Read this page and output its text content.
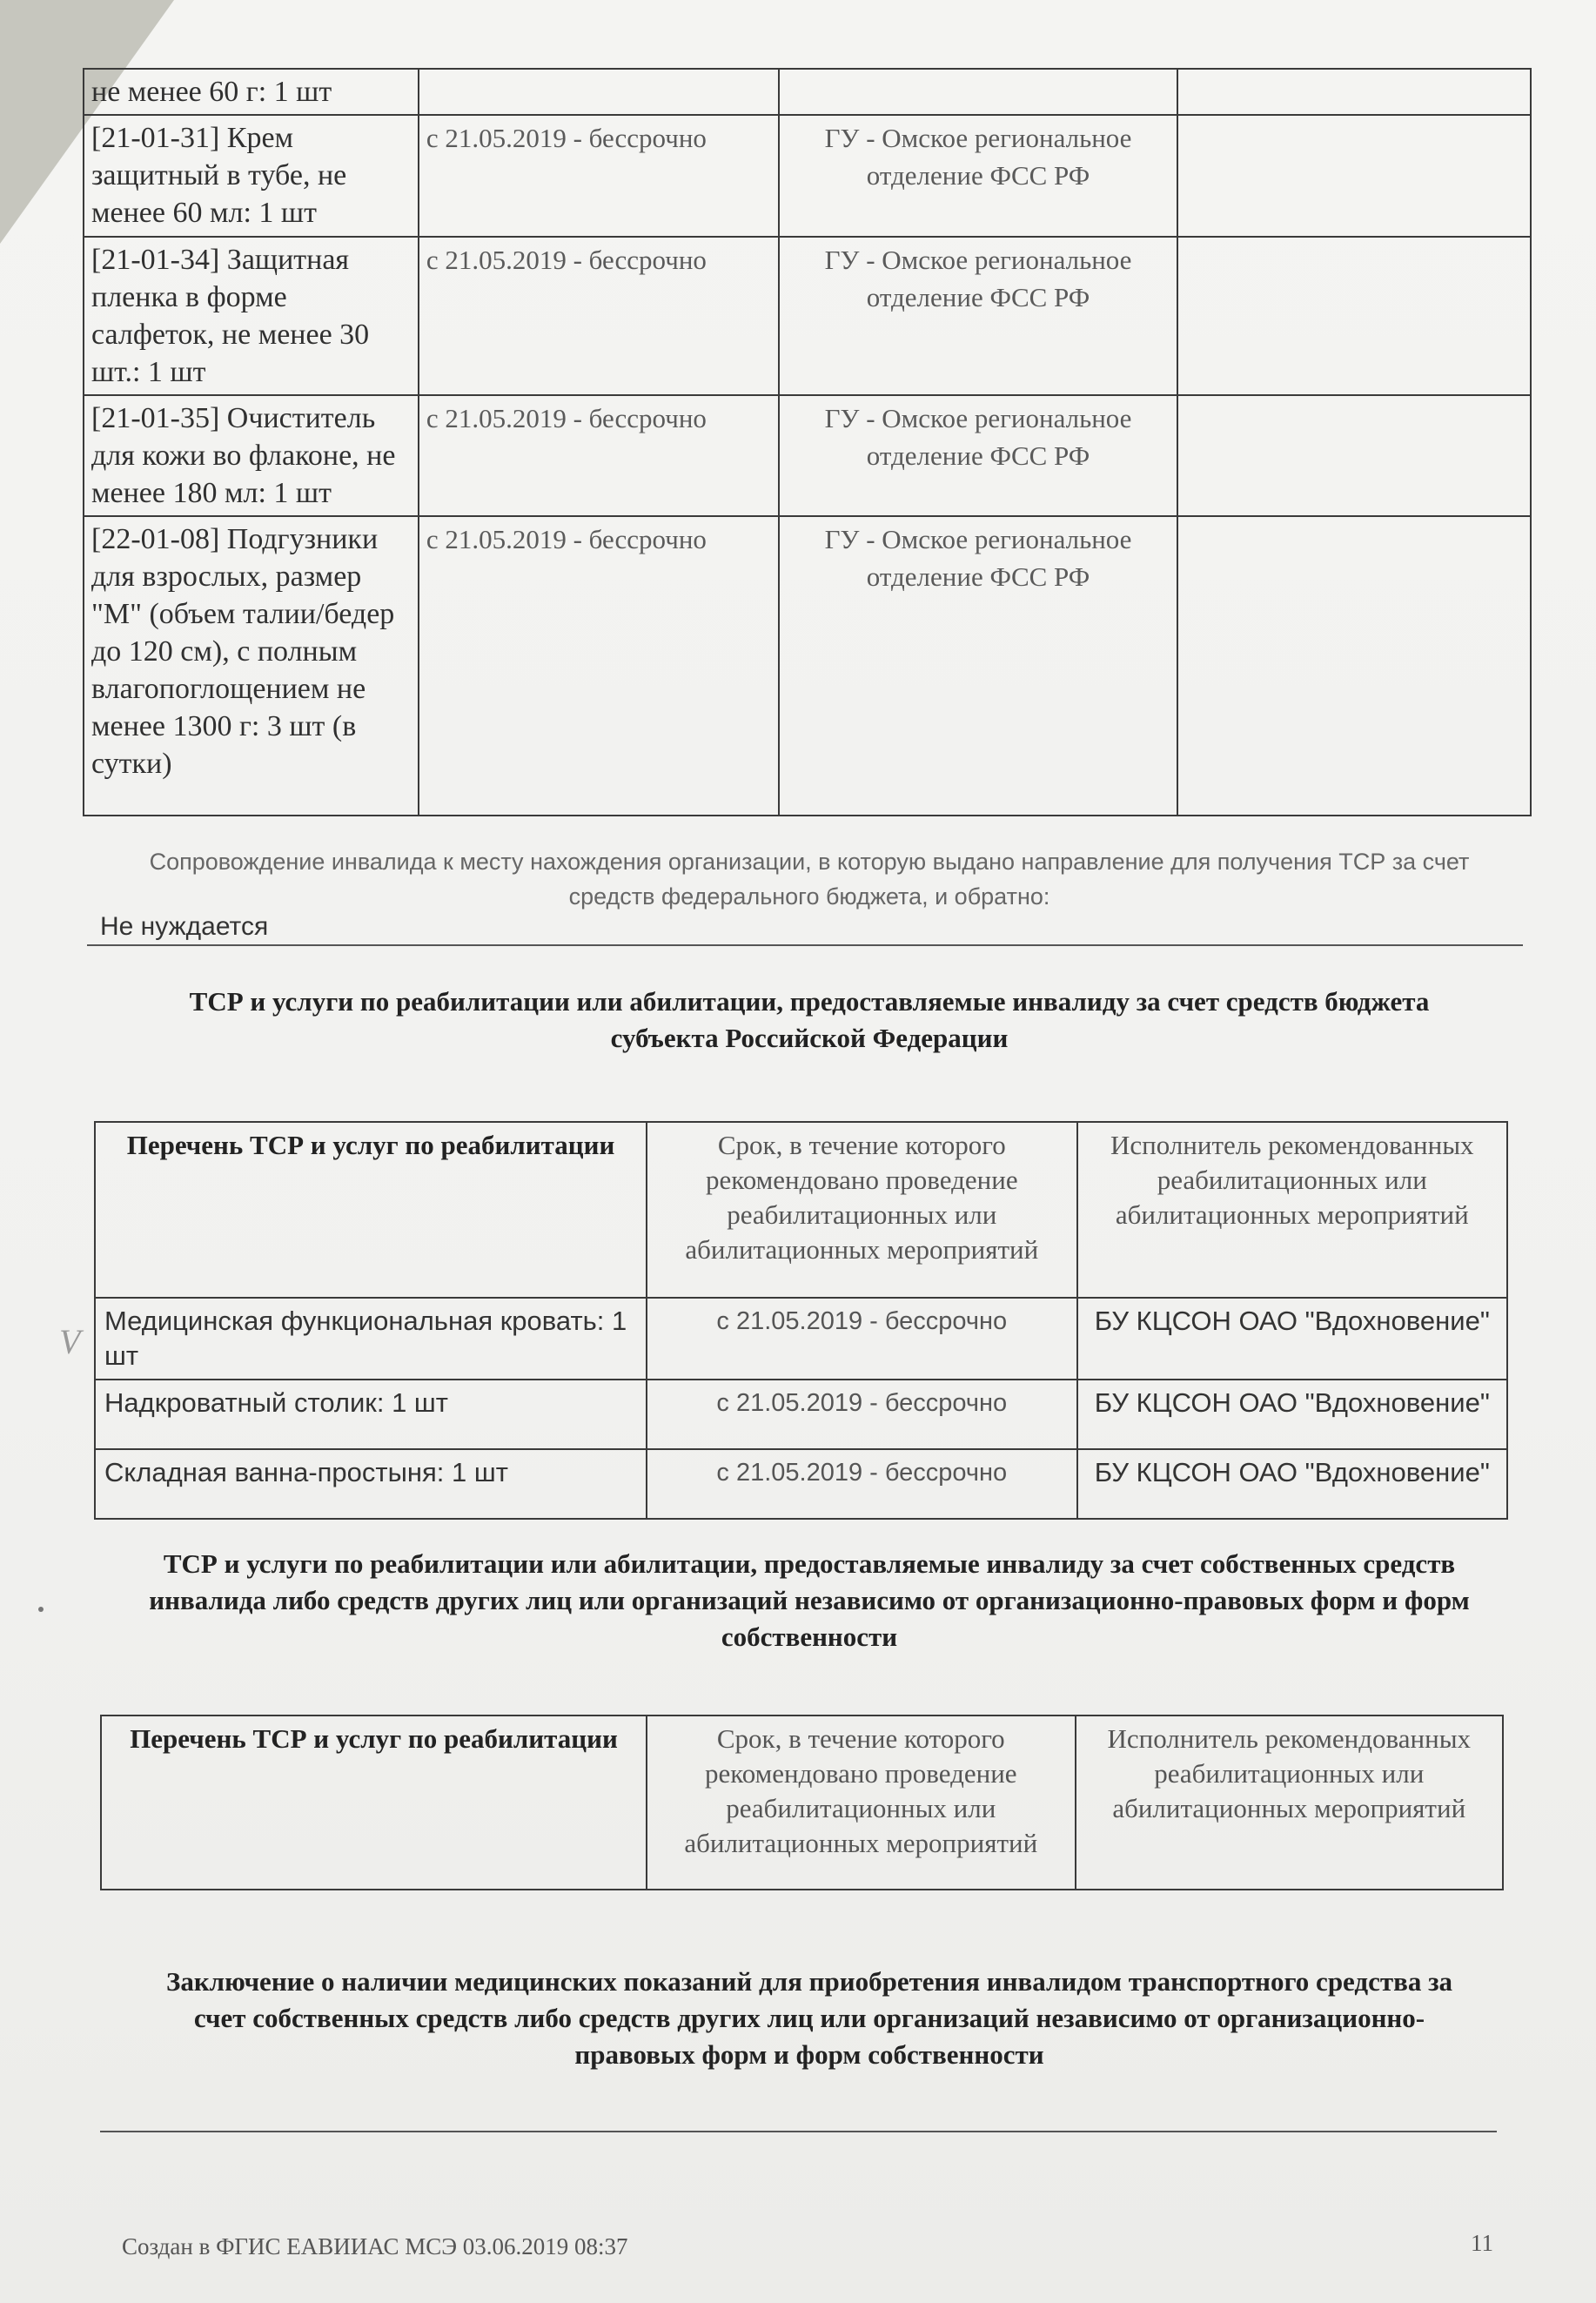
не менее 60 г: 1 шт			
[21-01-31] Крем защитный в тубе, не менее 60 мл: 1 шт	с 21.05.2019 - бессрочно	ГУ - Омское региональное отделение ФСС РФ	
[21-01-34] Защитная пленка в форме салфеток, не менее 30 шт.: 1 шт	с 21.05.2019 - бессрочно	ГУ - Омское региональное отделение ФСС РФ	
[21-01-35] Очиститель для кожи во флаконе, не менее 180 мл: 1 шт	с 21.05.2019 - бессрочно	ГУ - Омское региональное отделение ФСС РФ	
[22-01-08] Подгузники для взрослых, размер "М" (объем талии/бедер до 120 см), с полным влагопоглощением не менее 1300 г: 3 шт (в сутки)	с 21.05.2019 - бессрочно	ГУ - Омское региональное отделение ФСС РФ	
Сопровождение инвалида к месту нахождения организации, в которую выдано направление для получения ТСР за счет средств федерального бюджета, и обратно:
Не нуждается
ТСР и услуги по реабилитации или абилитации, предоставляемые инвалиду за счет средств бюджета субъекта Российской Федерации
Перечень ТСР и услуг по реабилитации	Срок, в течение которого рекомендовано проведение реабилитационных или абилитационных мероприятий	Исполнитель рекомендованных реабилитационных или абилитационных мероприятий
Медицинская функциональная кровать: 1 шт	с 21.05.2019 - бессрочно	БУ КЦСОН ОАО "Вдохновение"
Надкроватный столик: 1 шт	с 21.05.2019 - бессрочно	БУ КЦСОН ОАО "Вдохновение"
Складная ванна-простыня: 1 шт	с 21.05.2019 - бессрочно	БУ КЦСОН ОАО "Вдохновение"
V
ТСР и услуги по реабилитации или абилитации, предоставляемые инвалиду за счет собственных средств инвалида либо средств других лиц или организаций независимо от организационно-правовых форм и форм собственности
Перечень ТСР и услуг по реабилитации	Срок, в течение которого рекомендовано проведение реабилитационных или абилитационных мероприятий	Исполнитель рекомендованных реабилитационных или абилитационных мероприятий
Заключение о наличии медицинских показаний для приобретения инвалидом транспортного средства за счет собственных средств либо средств других лиц или организаций независимо от организационно-правовых форм и форм собственности
Создан в ФГИС ЕАВИИАС МСЭ 03.06.2019 08:37	11
